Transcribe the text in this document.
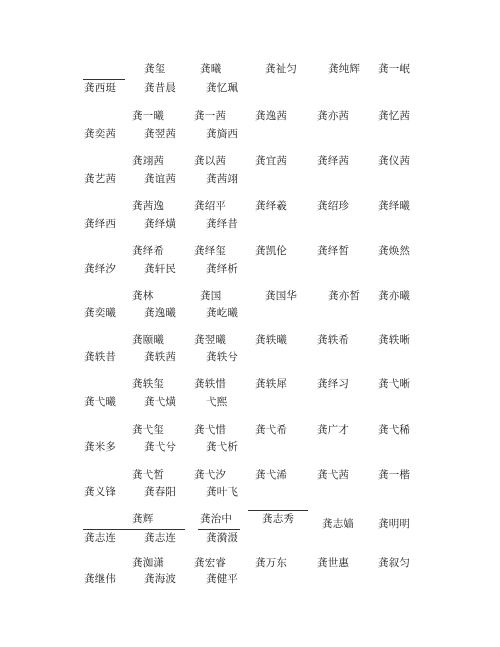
龚玺	龚曦	龚祉匀	龚纯辉 龚一岷
龚西珽	龚昔晨	龚忆珮
龚一曦	龚一茜	龚逸茜	龚亦茜	龚忆茜
龚奕茜	龚翌茜	龚旖西
龚翊茜	龚以茜	龚宜茜	龚绎茜	龚仪茜
龚艺茜	龚谊茜	龚茜翊
龚茜逸	龚绍平	龚绎羲	龚绍珍	龚绎曦
龚绎西	龚绎熿	龚绎昔
龚绎希	龚绎玺	龚凯伦	龚绎皙	龚焕然
龚绎汐	龚轩民	龚绎析
龚林	龚国	龚国华	龚亦皙 龚亦曦
龚奕曦	龚逸曦	龚屹曦
龚颐曦	龚翌曦	龚轶曦	龚轶希	龚轶晰
龚轶昔	龚轶茜	龚轶兮
龚轶玺	龚轶惜	龚轶犀	龚绎习	龚弋晰
龚弋曦	龚弋熿	弋熙
龚弋玺	龚弋惜	龚弋希	龚广才	龚弋稀
龚米多	龚弋兮	龚弋析
龚弋皙	龚弋汐	龚弋浠	龚弋茜	龚一楷
龚义锋	龚春阳	龚叶飞
龚辉	龚治中	龚志秀	龚志嫱 龚明明
龚志连	龚志连	龚漪滠
龚洳潇	龚宏睿	龚万东	龚世惠	龚叙匀
龚继伟	龚海波	龚健平
